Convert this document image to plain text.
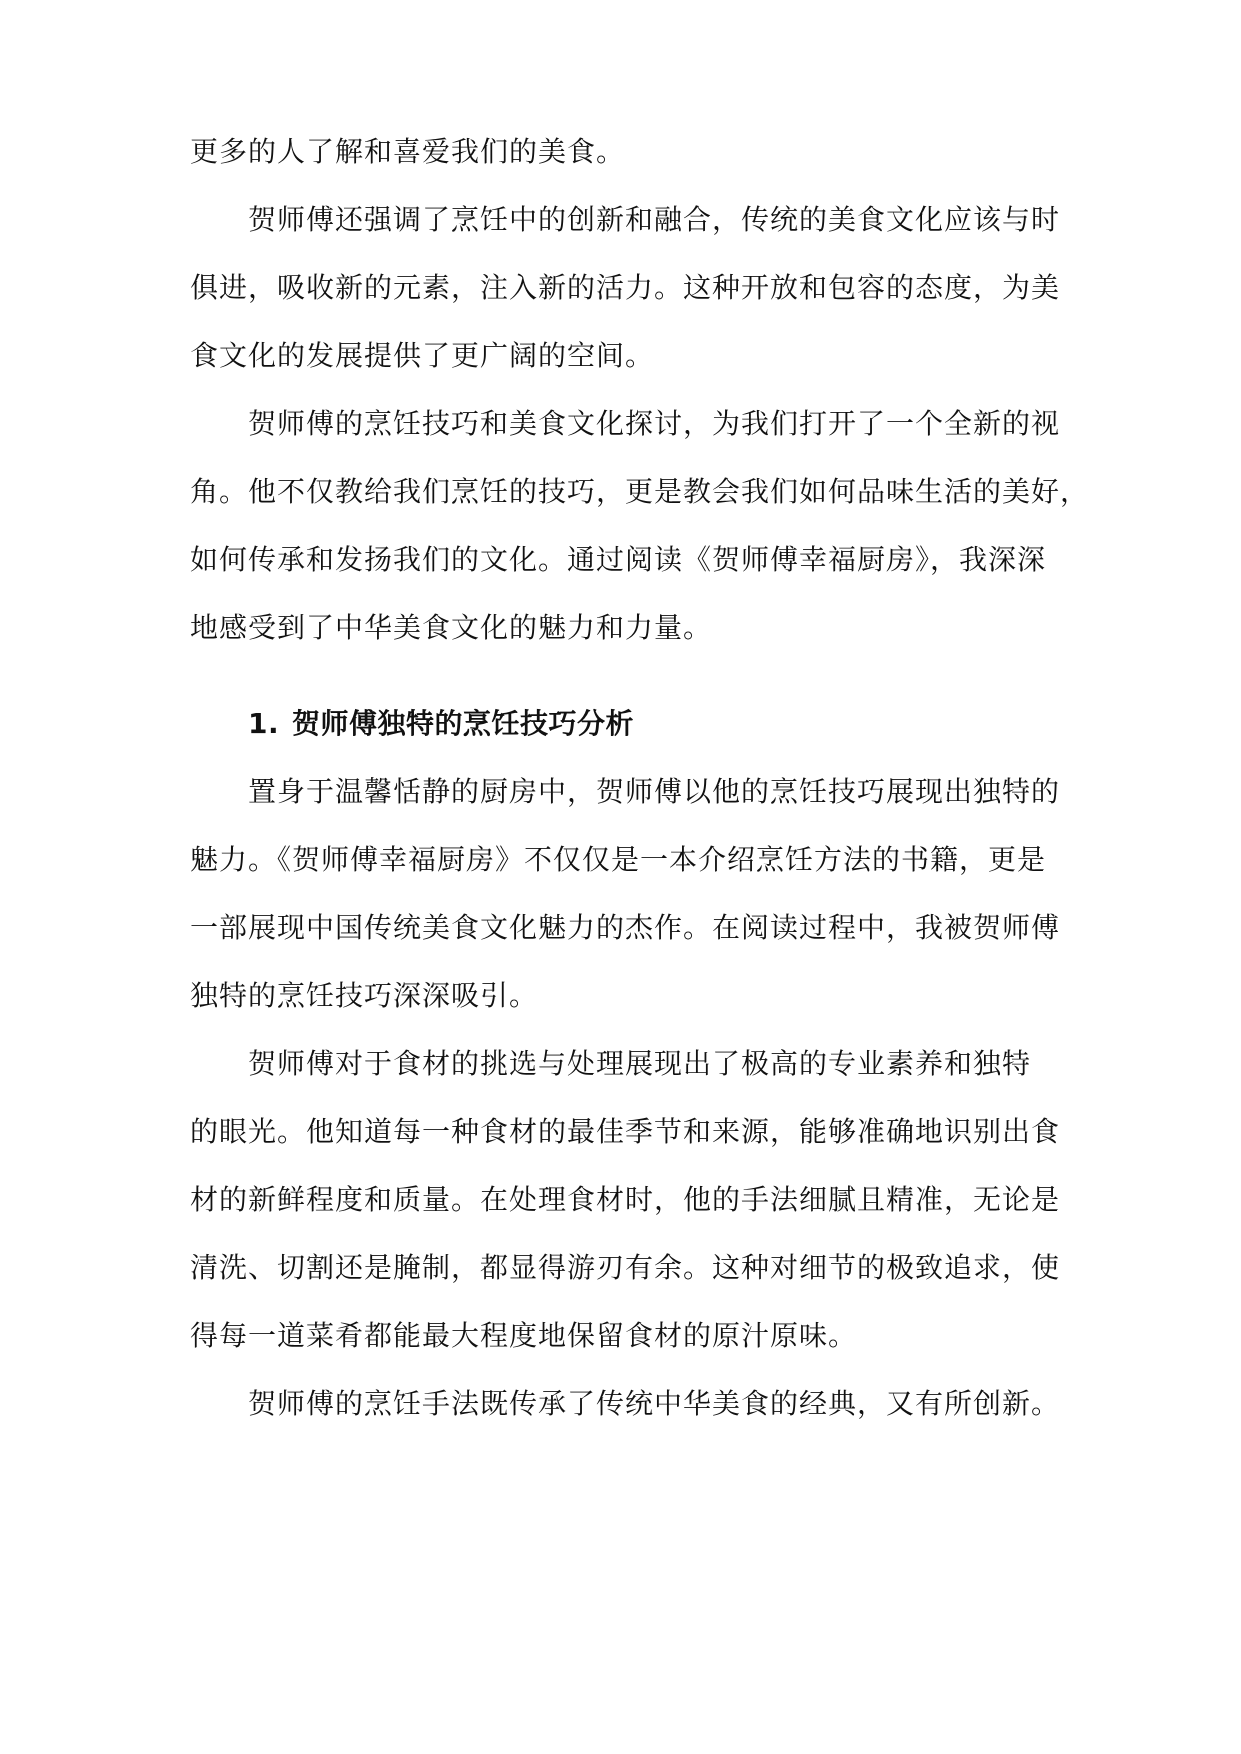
更多的人了解和喜爱我们的美食。
贺师傅还强调了烹饪中的创新和融合，传统的美食文化应该与时
俱进，吸收新的元素，注入新的活力。这种开放和包容的态度，为美
食文化的发展提供了更广阔的空间。
贺师傅的烹饪技巧和美食文化探讨，为我们打开了一个全新的视
角。他不仅教给我们烹饪的技巧，更是教会我们如何品味生活的美好，
如何传承和发扬我们的文化。通过阅读《贺师傅幸福厨房》，我深深
地感受到了中华美食文化的魅力和力量。
1. 贺师傅独特的烹饪技巧分析
置身于温馨恬静的厨房中，贺师傅以他的烹饪技巧展现出独特的
魅力。《贺师傅幸福厨房》不仅仅是一本介绍烹饪方法的书籍，更是
一部展现中国传统美食文化魅力的杰作。在阅读过程中，我被贺师傅
独特的烹饪技巧深深吸引。
贺师傅对于食材的挑选与处理展现出了极高的专业素养和独特
的眼光。他知道每一种食材的最佳季节和来源，能够准确地识别出食
材的新鲜程度和质量。在处理食材时，他的手法细腻且精准，无论是
清洗、切割还是腌制，都显得游刃有余。这种对细节的极致追求，使
得每一道菜肴都能最大程度地保留食材的原汁原味。
贺师傅的烹饪手法既传承了传统中华美食的经典，又有所创新。
